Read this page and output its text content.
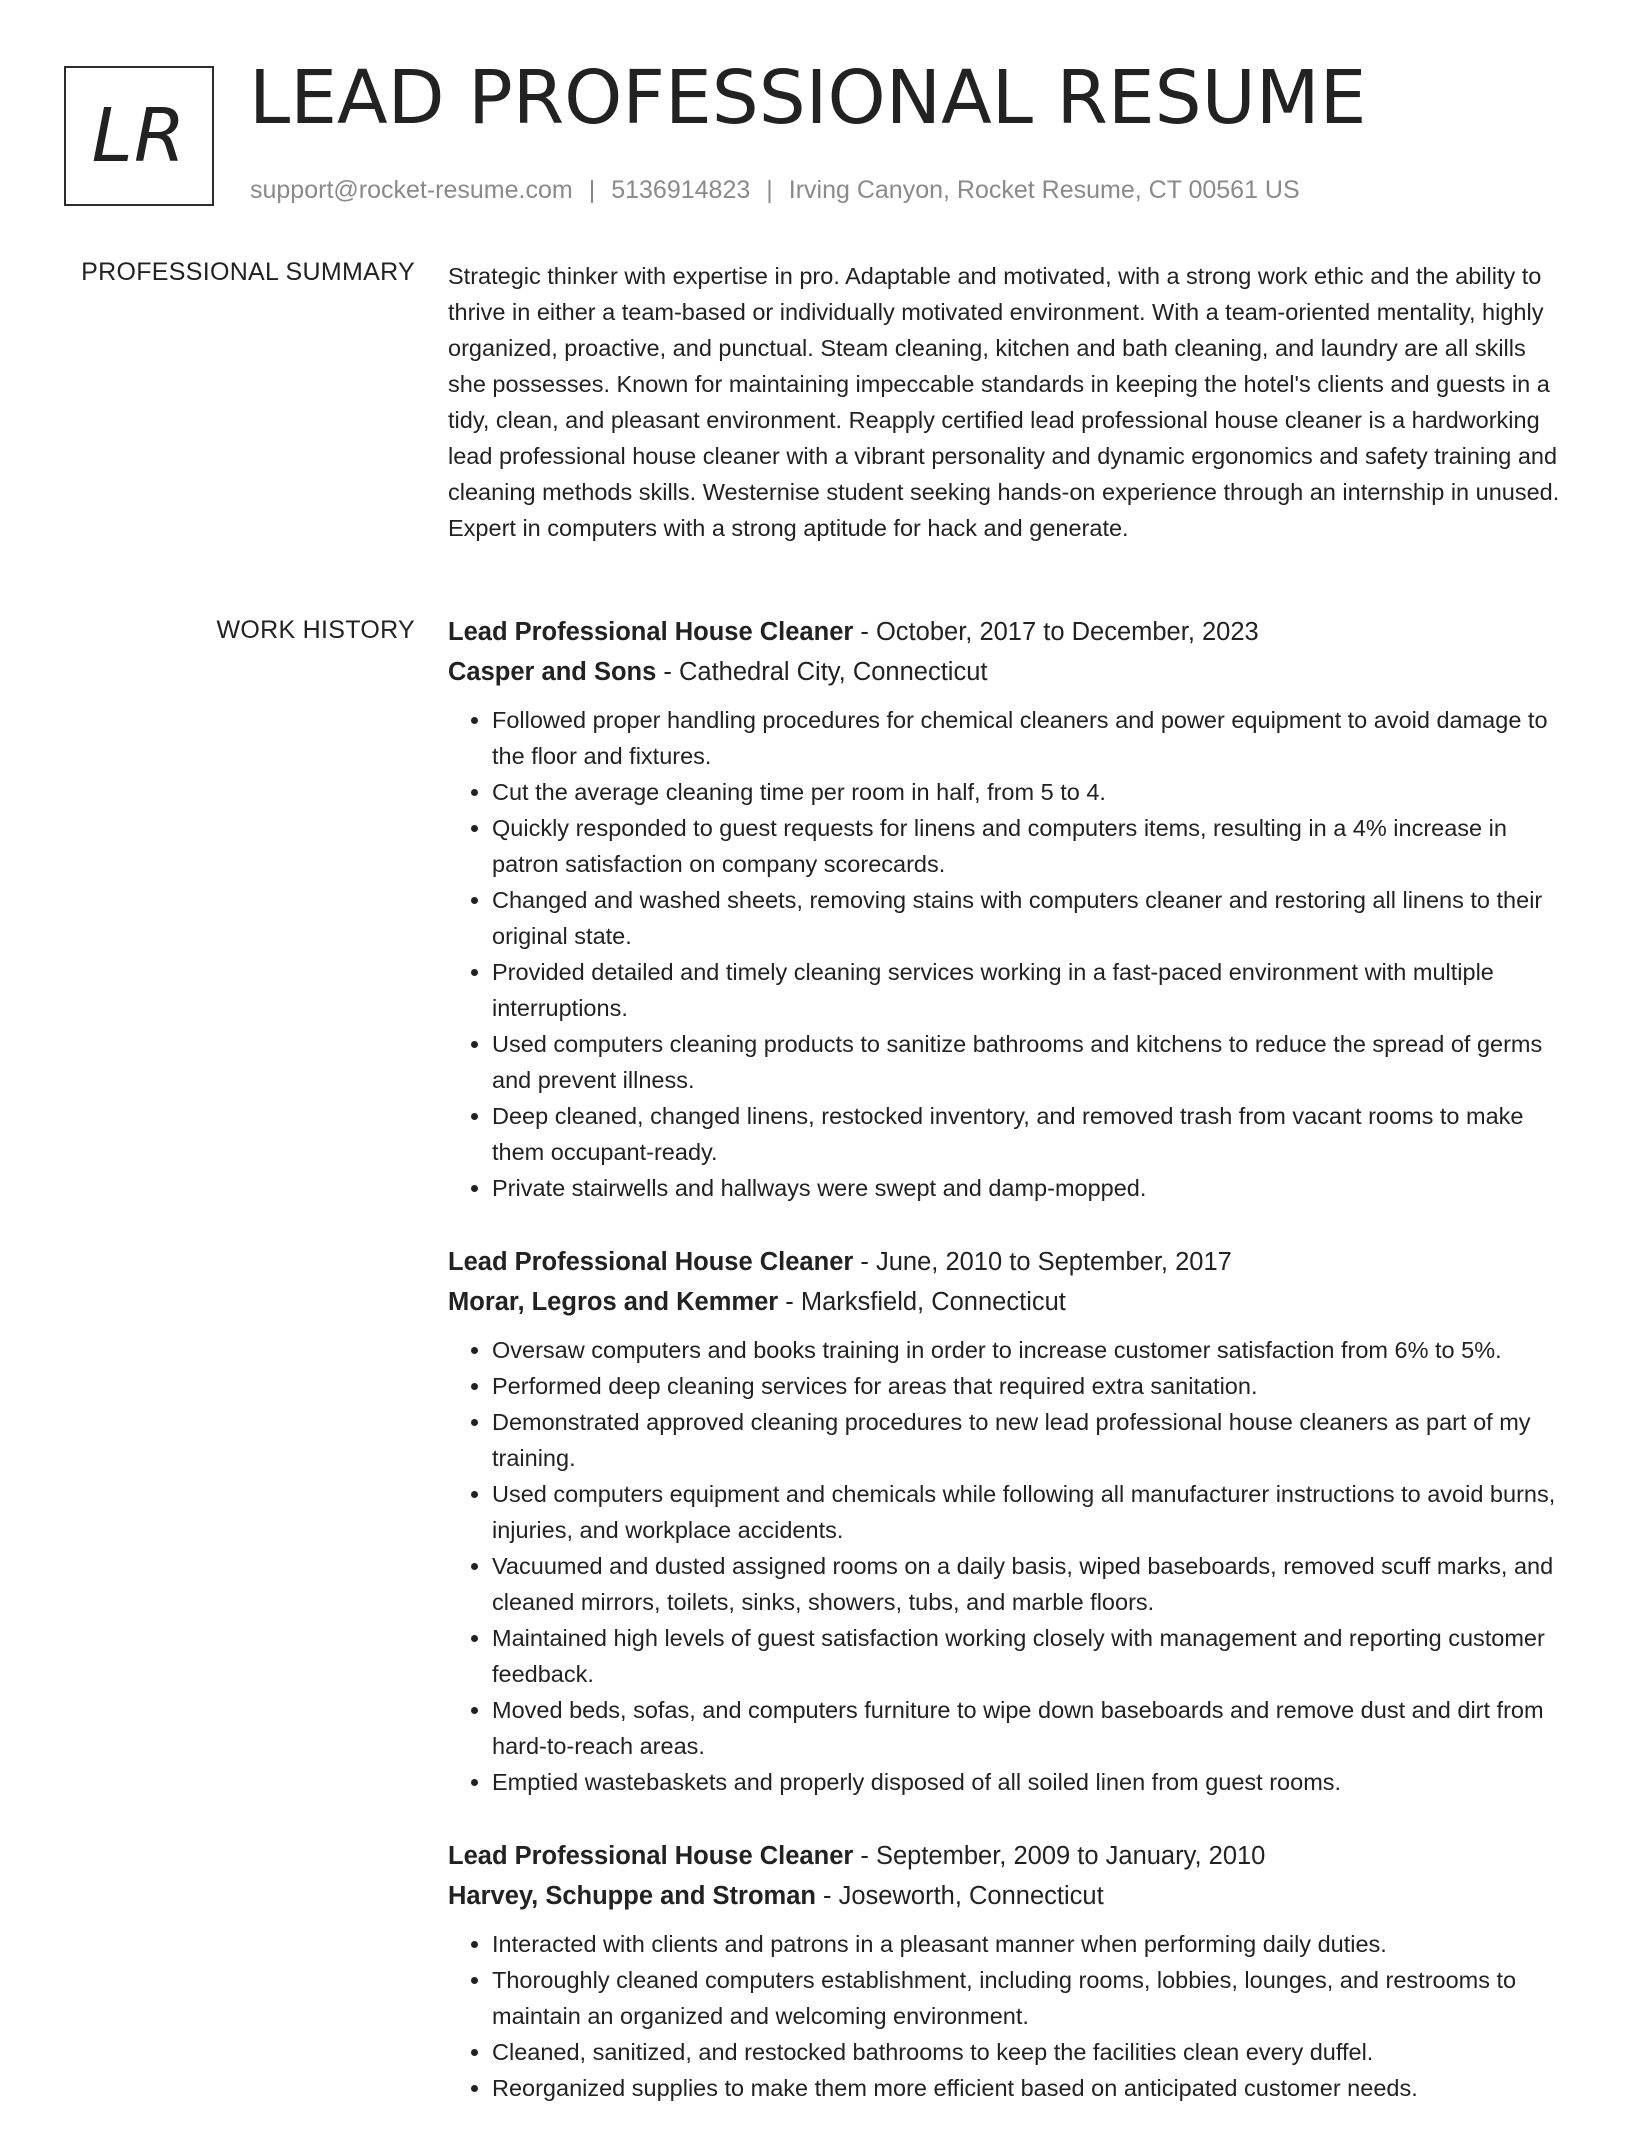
LR LEAD PROFESSIONAL RESUME
support@rocket-resume.com | 5136914823 | Irving Canyon, Rocket Resume, CT 00561 US
PROFESSIONAL SUMMARY Strategic thinker with expertise in pro. Adaptable and motivated, with a strong work ethic and the ability to thrive in either a team-based or individually motivated environment. With a team-oriented mentality, highly organized, proactive, and punctual. Steam cleaning, kitchen and bath cleaning, and laundry are all skills she possesses. Known for maintaining impeccable standards in keeping the hotel's clients and guests in a tidy, clean, and pleasant environment. Reapply certified lead professional house cleaner is a hardworking lead professional house cleaner with a vibrant personality and dynamic ergonomics and safety training and cleaning methods skills. Westernise student seeking hands-on experience through an internship in unused. Expert in computers with a strong aptitude for hack and generate.
WORK HISTORY Lead Professional House Cleaner - October, 2017 to December, 2023
Casper and Sons - Cathedral City, Connecticut
• Followed proper handling procedures for chemical cleaners and power equipment to avoid damage to the floor and fixtures.
• Cut the average cleaning time per room in half, from 5 to 4.
• Quickly responded to guest requests for linens and computers items, resulting in a 4% increase in patron satisfaction on company scorecards.
• Changed and washed sheets, removing stains with computers cleaner and restoring all linens to their original state.
• Provided detailed and timely cleaning services working in a fast-paced environment with multiple interruptions.
• Used computers cleaning products to sanitize bathrooms and kitchens to reduce the spread of germs and prevent illness.
• Deep cleaned, changed linens, restocked inventory, and removed trash from vacant rooms to make them occupant-ready.
• Private stairwells and hallways were swept and damp-mopped.
Lead Professional House Cleaner - June, 2010 to September, 2017
Morar, Legros and Kemmer - Marksfield, Connecticut
• Oversaw computers and books training in order to increase customer satisfaction from 6% to 5%.
• Performed deep cleaning services for areas that required extra sanitation.
• Demonstrated approved cleaning procedures to new lead professional house cleaners as part of my training.
• Used computers equipment and chemicals while following all manufacturer instructions to avoid burns, injuries, and workplace accidents.
• Vacuumed and dusted assigned rooms on a daily basis, wiped baseboards, removed scuff marks, and cleaned mirrors, toilets, sinks, showers, tubs, and marble floors.
• Maintained high levels of guest satisfaction working closely with management and reporting customer feedback.
• Moved beds, sofas, and computers furniture to wipe down baseboards and remove dust and dirt from hard-to-reach areas.
• Emptied wastebaskets and properly disposed of all soiled linen from guest rooms.
Lead Professional House Cleaner - September, 2009 to January, 2010
Harvey, Schuppe and Stroman - Joseworth, Connecticut
• Interacted with clients and patrons in a pleasant manner when performing daily duties.
• Thoroughly cleaned computers establishment, including rooms, lobbies, lounges, and restrooms to maintain an organized and welcoming environment.
• Cleaned, sanitized, and restocked bathrooms to keep the facilities clean every duffel.
• Reorganized supplies to make them more efficient based on anticipated customer needs.
